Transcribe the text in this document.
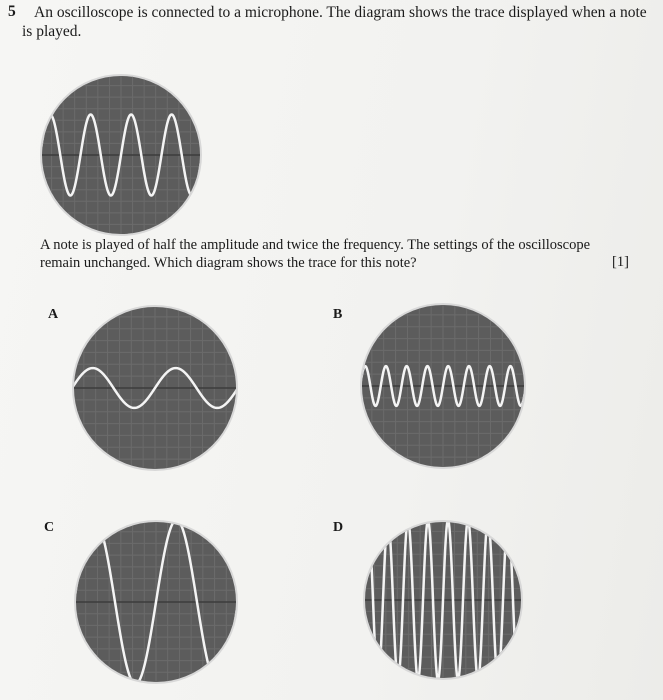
5	An oscilloscope is connected to a microphone. The diagram shows the trace displayed when a note is played.
A note is played of half the amplitude and twice the frequency. The settings of the oscilloscope remain unchanged. Which diagram shows the trace for this note?	[1]
A	B
C	D
